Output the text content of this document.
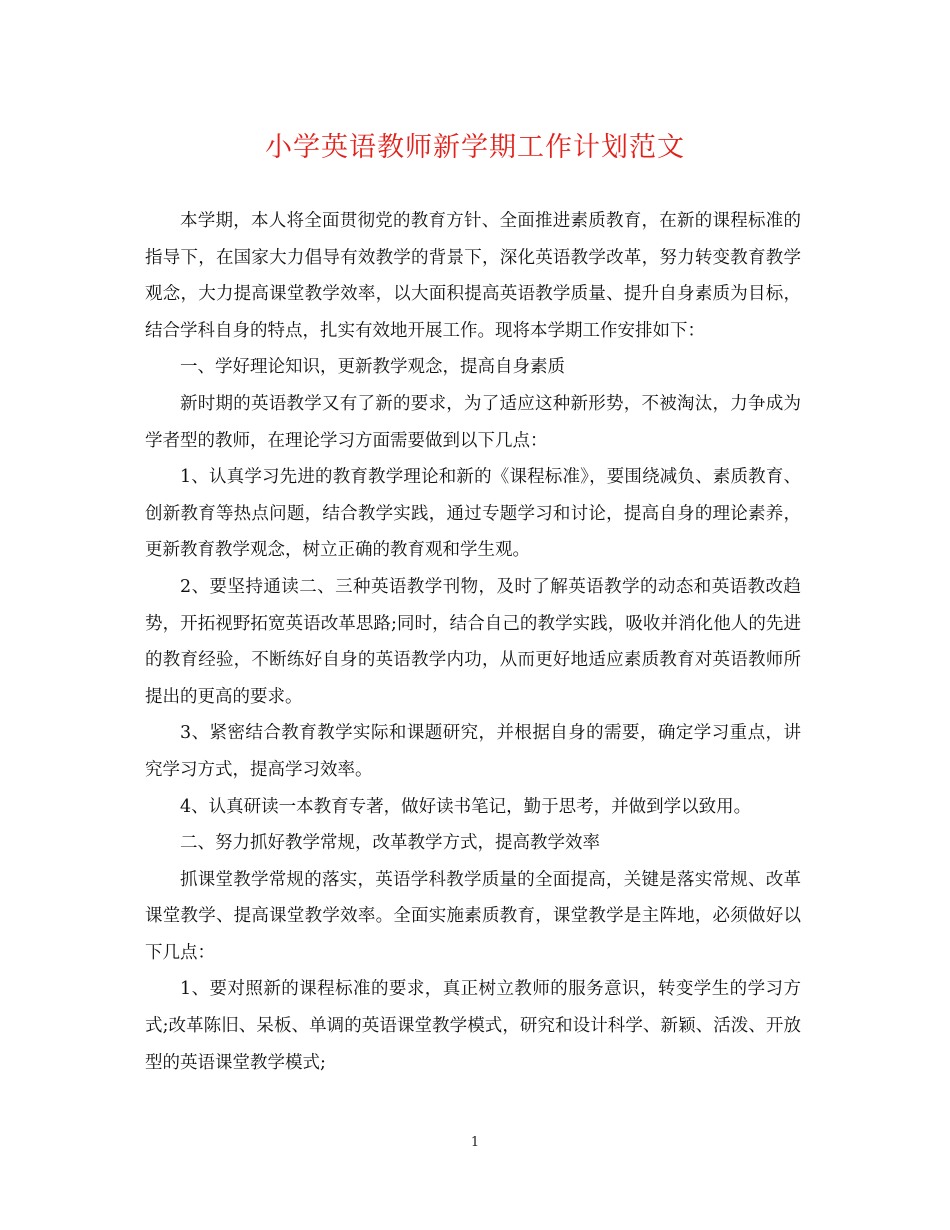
小学英语教师新学期工作计划范文

本学期，本人将全面贯彻党的教育方针、全面推进素质教育，在新的课程标准的指导下，在国家大力倡导有效教学的背景下，深化英语教学改革，努力转变教育教学观念，大力提高课堂教学效率，以大面积提高英语教学质量、提升自身素质为目标，结合学科自身的特点，扎实有效地开展工作。现将本学期工作安排如下：

一、学好理论知识，更新教学观念，提高自身素质

新时期的英语教学又有了新的要求，为了适应这种新形势，不被淘汰，力争成为学者型的教师，在理论学习方面需要做到以下几点：

1、认真学习先进的教育教学理论和新的《课程标准》，要围绕减负、素质教育、创新教育等热点问题，结合教学实践，通过专题学习和讨论，提高自身的理论素养，更新教育教学观念，树立正确的教育观和学生观。

2、要坚持通读二、三种英语教学刊物，及时了解英语教学的动态和英语教改趋势，开拓视野拓宽英语改革思路;同时，结合自己的教学实践，吸收并消化他人的先进的教育经验，不断练好自身的英语教学内功，从而更好地适应素质教育对英语教师所提出的更高的要求。

3、紧密结合教育教学实际和课题研究，并根据自身的需要，确定学习重点，讲究学习方式，提高学习效率。

4、认真研读一本教育专著，做好读书笔记，勤于思考，并做到学以致用。

二、努力抓好教学常规，改革教学方式，提高教学效率

抓课堂教学常规的落实，英语学科教学质量的全面提高，关键是落实常规、改革课堂教学、提高课堂教学效率。全面实施素质教育，课堂教学是主阵地，必须做好以下几点：

1、要对照新的课程标准的要求，真正树立教师的服务意识，转变学生的学习方式;改革陈旧、呆板、单调的英语课堂教学模式，研究和设计科学、新颖、活泼、开放型的英语课堂教学模式;

1
